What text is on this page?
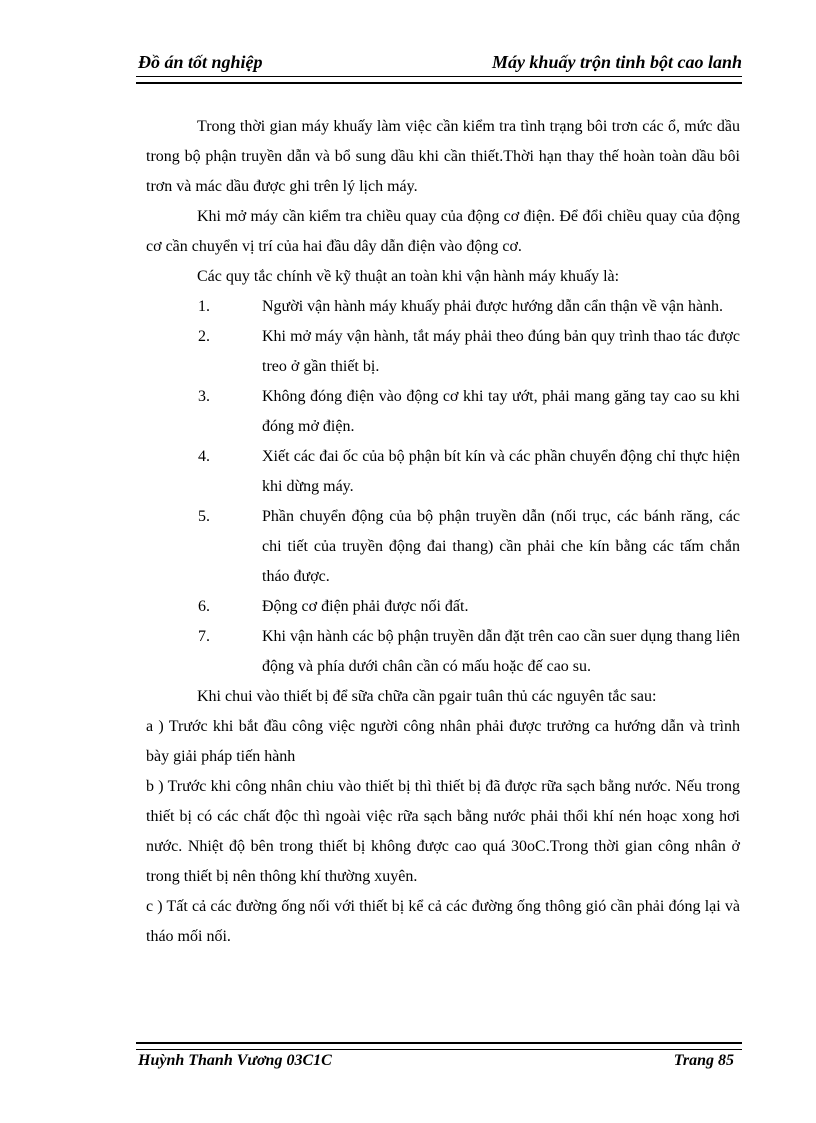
Đồ án tốt nghiệp	Máy khuấy trộn tinh bột cao lanh

Trong thời gian máy khuấy làm việc cần kiểm tra tình trạng bôi trơn các ổ, mức dầu trong bộ phận truyền dẫn và bổ sung dầu khi cần thiết.Thời hạn thay thế hoàn toàn dầu bôi trơn và mác dầu được ghi trên lý lịch máy.

Khi mở máy cần kiểm tra chiều quay của động cơ điện. Để đổi chiều quay của động cơ cần chuyển vị trí của hai đầu dây dẫn điện vào động cơ.

Các quy tắc chính về kỹ thuật an toàn khi vận hành máy khuấy là:

1.	Người vận hành máy khuấy phải được hướng dẫn cẩn thận về vận hành.
2.	Khi mở máy vận hành, tắt máy phải theo đúng bản quy trình thao tác được treo ở gần thiết bị.
3.	Không đóng điện vào động cơ khi tay ướt, phải mang găng tay cao su khi đóng mở điện.
4.	Xiết các đai ốc của bộ phận bít kín và các phần chuyển động chỉ thực hiện khi dừng máy.
5.	Phần chuyển động của bộ phận truyền dẫn (nối trục, các bánh răng, các chi tiết của truyền động đai thang) cần phải che kín bằng các tấm chắn tháo được.
6.	Động cơ điện phải được nối đất.
7.	Khi vận hành các bộ phận truyền dẫn đặt trên cao cần suer dụng thang liên động và phía dưới chân cần có mấu hoặc đế cao su.

Khi chui vào thiết bị để sữa chữa cần pgair tuân thủ các nguyên tắc sau:

a ) Trước khi bắt đầu công việc người công nhân phải được trưởng ca hướng dẫn và trình bày giải pháp tiến hành

b ) Trước khi công nhân chiu vào thiết bị thì thiết bị đã được rữa sạch bằng nước. Nếu trong thiết bị có các chất độc thì ngoài việc rữa sạch bằng nước phải thổi khí nén hoạc xong hơi nước. Nhiệt độ bên trong thiết bị không được cao quá 30oC.Trong thời gian công nhân ở trong thiết bị nên thông khí thường xuyên.

c ) Tất cả các đường ống nối với thiết bị kể cả các đường ống thông gió cần phải đóng lại và tháo mối nối.

Huỳnh Thanh Vương 03C1C	Trang 85
